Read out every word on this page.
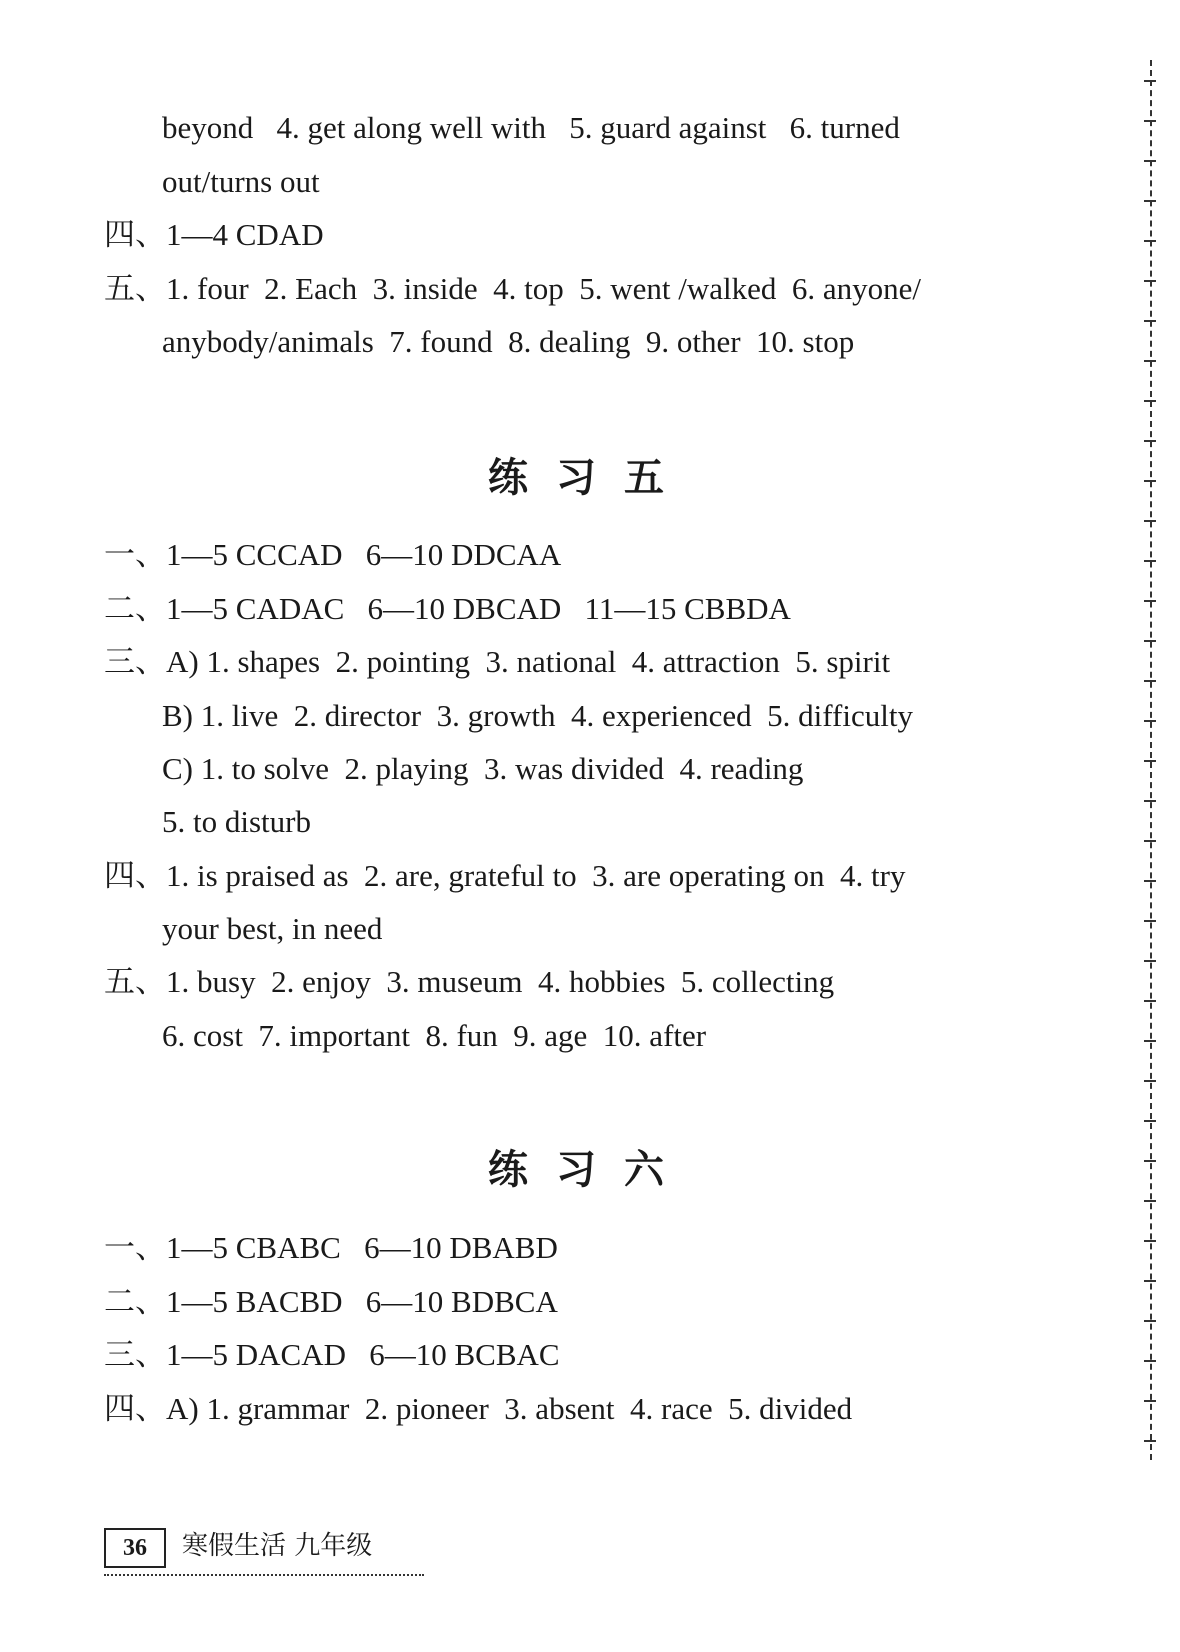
beyond   4. get along well with   5. guard against   6. turned
out/turns out
四、1—4 CDAD
五、1. four  2. Each  3. inside  4. top  5. went /walked  6. anyone/
anybody/animals  7. found  8. dealing  9. other  10. stop
练习五
一、1—5 CCCAD   6—10 DDCAA
二、1—5 CADAC   6—10 DBCAD   11—15 CBBDA
三、A) 1. shapes  2. pointing  3. national  4. attraction  5. spirit
B) 1. live  2. director  3. growth  4. experienced  5. difficulty
C) 1. to solve  2. playing  3. was divided  4. reading
5. to disturb
四、1. is praised as  2. are, grateful to  3. are operating on  4. try
your best, in need
五、1. busy  2. enjoy  3. museum  4. hobbies  5. collecting
6. cost  7. important  8. fun  9. age  10. after
练习六
一、1—5 CBABC   6—10 DBABD
二、1—5 BACBD   6—10 BDBCA
三、1—5 DACAD   6—10 BCBAC
四、A) 1. grammar  2. pioneer  3. absent  4. race  5. divided
36	寒假生活 九年级
